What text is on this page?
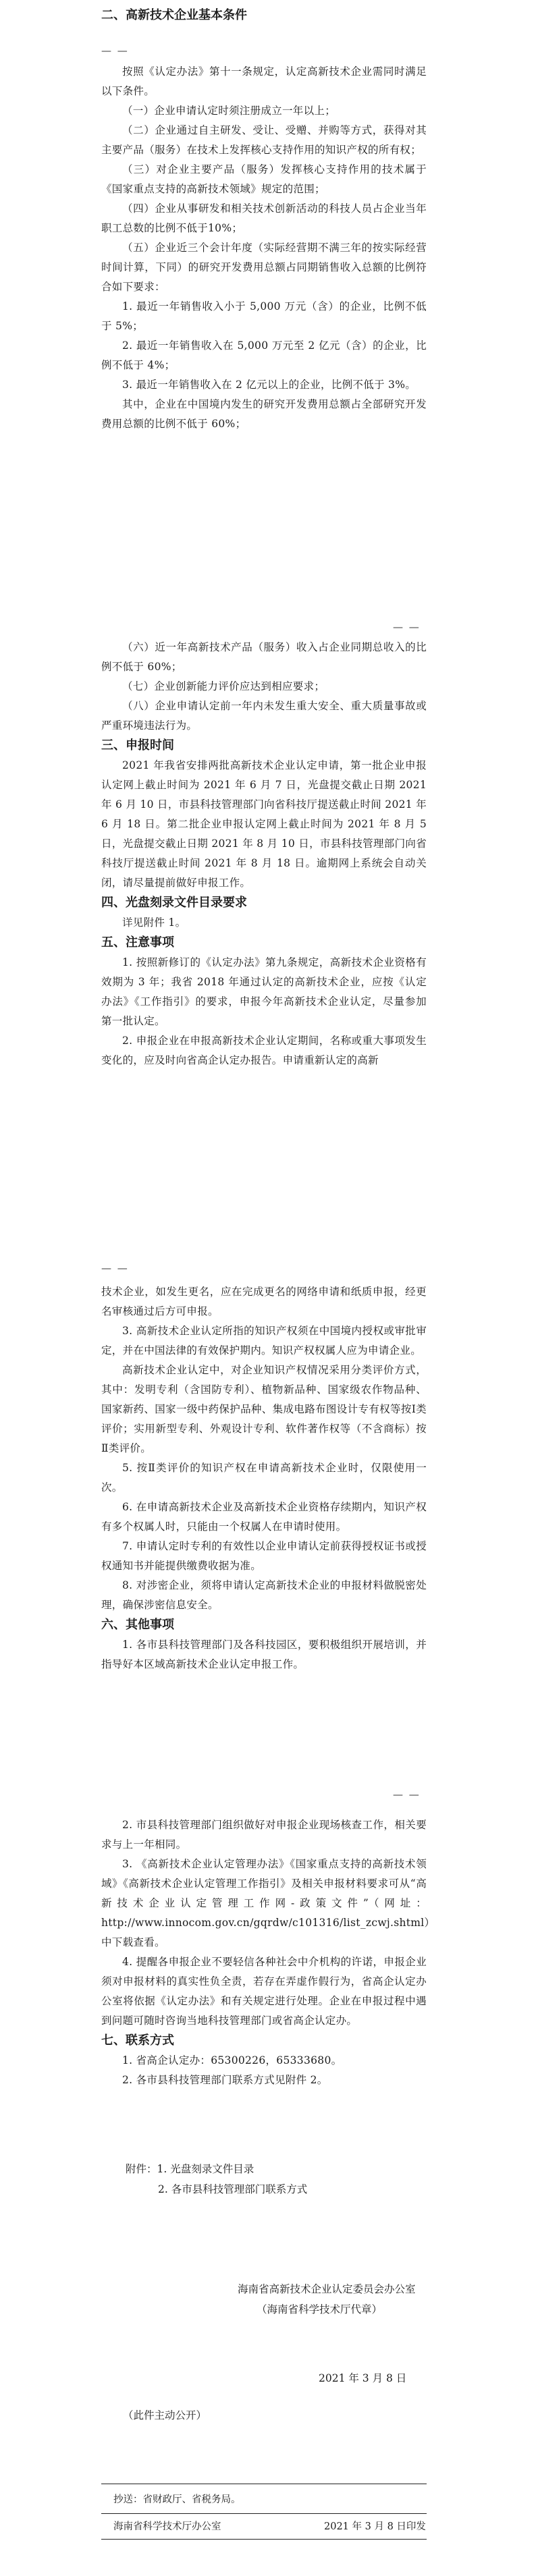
二、高新技术企业基本条件
— —

按照《认定办法》第十一条规定，认定高新技术企业需同时满足以下条件。

（一）企业申请认定时须注册成立一年以上；

（二）企业通过自主研发、受让、受赠、并购等方式，获得对其主要产品（服务）在技术上发挥核心支持作用的知识产权的所有权；

（三）对企业主要产品（服务）发挥核心支持作用的技术属于《国家重点支持的高新技术领域》规定的范围；

（四）企业从事研发和相关技术创新活动的科技人员占企业当年职工总数的比例不低于10%；

（五）企业近三个会计年度（实际经营期不满三年的按实际经营时间计算，下同）的研究开发费用总额占同期销售收入总额的比例符合如下要求：

1. 最近一年销售收入小于 5,000 万元（含）的企业，比例不低于 5%；

2. 最近一年销售收入在 5,000 万元至 2 亿元（含）的企业，比例不低于 4%；

3. 最近一年销售收入在 2 亿元以上的企业，比例不低于 3%。

其中，企业在中国境内发生的研究开发费用总额占全部研究开发费用总额的比例不低于 60%；

— —

（六）近一年高新技术产品（服务）收入占企业同期总收入的比例不低于 60%；

（七）企业创新能力评价应达到相应要求；

（八）企业申请认定前一年内未发生重大安全、重大质量事故或严重环境违法行为。

三、申报时间

2021 年我省安排两批高新技术企业认定申请，第一批企业申报认定网上截止时间为 2021 年 6 月 7 日，光盘提交截止日期 2021 年 6 月 10 日，市县科技管理部门向省科技厅提送截止时间 2021 年 6 月 18 日。第二批企业申报认定网上截止时间为 2021 年 8 月 5 日，光盘提交截止日期 2021 年 8 月 10 日，市县科技管理部门向省科技厅提送截止时间 2021 年 8 月 18 日。逾期网上系统会自动关闭，请尽量提前做好申报工作。

四、光盘刻录文件目录要求

详见附件 1。

五、注意事项

1. 按照新修订的《认定办法》第九条规定，高新技术企业资格有效期为 3 年；我省 2018 年通过认定的高新技术企业，应按《认定办法》《工作指引》的要求，申报今年高新技术企业认定，尽量参加第一批认定。

2. 申报企业在申报高新技术企业认定期间，名称或重大事项发生变化的，应及时向省高企认定办报告。申请重新认定的高新

— —

技术企业，如发生更名，应在完成更名的网络申请和纸质申报，经更名审核通过后方可申报。

3. 高新技术企业认定所指的知识产权须在中国境内授权或审批审定，并在中国法律的有效保护期内。知识产权权属人应为申请企业。

高新技术企业认定中，对企业知识产权情况采用分类评价方式，其中：发明专利（含国防专利）、植物新品种、国家级农作物品种、国家新药、国家一级中药保护品种、集成电路布图设计专有权等按Ⅰ类评价；实用新型专利、外观设计专利、软件著作权等（不含商标）按Ⅱ类评价。

5. 按Ⅱ类评价的知识产权在申请高新技术企业时，仅限使用一次。

6. 在申请高新技术企业及高新技术企业资格存续期内，知识产权有多个权属人时，只能由一个权属人在申请时使用。

7. 申请认定时专利的有效性以企业申请认定前获得授权证书或授权通知书并能提供缴费收据为准。

8. 对涉密企业，须将申请认定高新技术企业的申报材料做脱密处理，确保涉密信息安全。

六、其他事项

1. 各市县科技管理部门及各科技园区，要积极组织开展培训，并指导好本区域高新技术企业认定申报工作。

— —

2. 市县科技管理部门组织做好对申报企业现场核查工作，相关要求与上一年相同。

3. 《高新技术企业认定管理办法》《国家重点支持的高新技术领域》《高新技术企业认定管理工作指引》及相关申报材料要求可从“高新技术企业认定管理工作网-政策文件”（网址：http://www.innocom.gov.cn/gqrdw/c101316/list_zcwj.shtml）中下载查看。

4. 提醒各申报企业不要轻信各种社会中介机构的许诺，申报企业须对申报材料的真实性负全责，若存在弄虚作假行为，省高企认定办公室将依据《认定办法》和有关规定进行处理。企业在申报过程中遇到问题可随时咨询当地科技管理部门或省高企认定办。

七、联系方式

1. 省高企认定办：65300226，65333680。

2. 各市县科技管理部门联系方式见附件 2。

附件：1. 光盘刻录文件目录
2. 各市县科技管理部门联系方式
海南省高新技术企业认定委员会办公室
（海南省科学技术厅代章）
2021 年 3 月 8 日
（此件主动公开）
抄送：省财政厅、省税务局。
海南省科学技术厅办公室	2021 年 3 月 8 日印发
